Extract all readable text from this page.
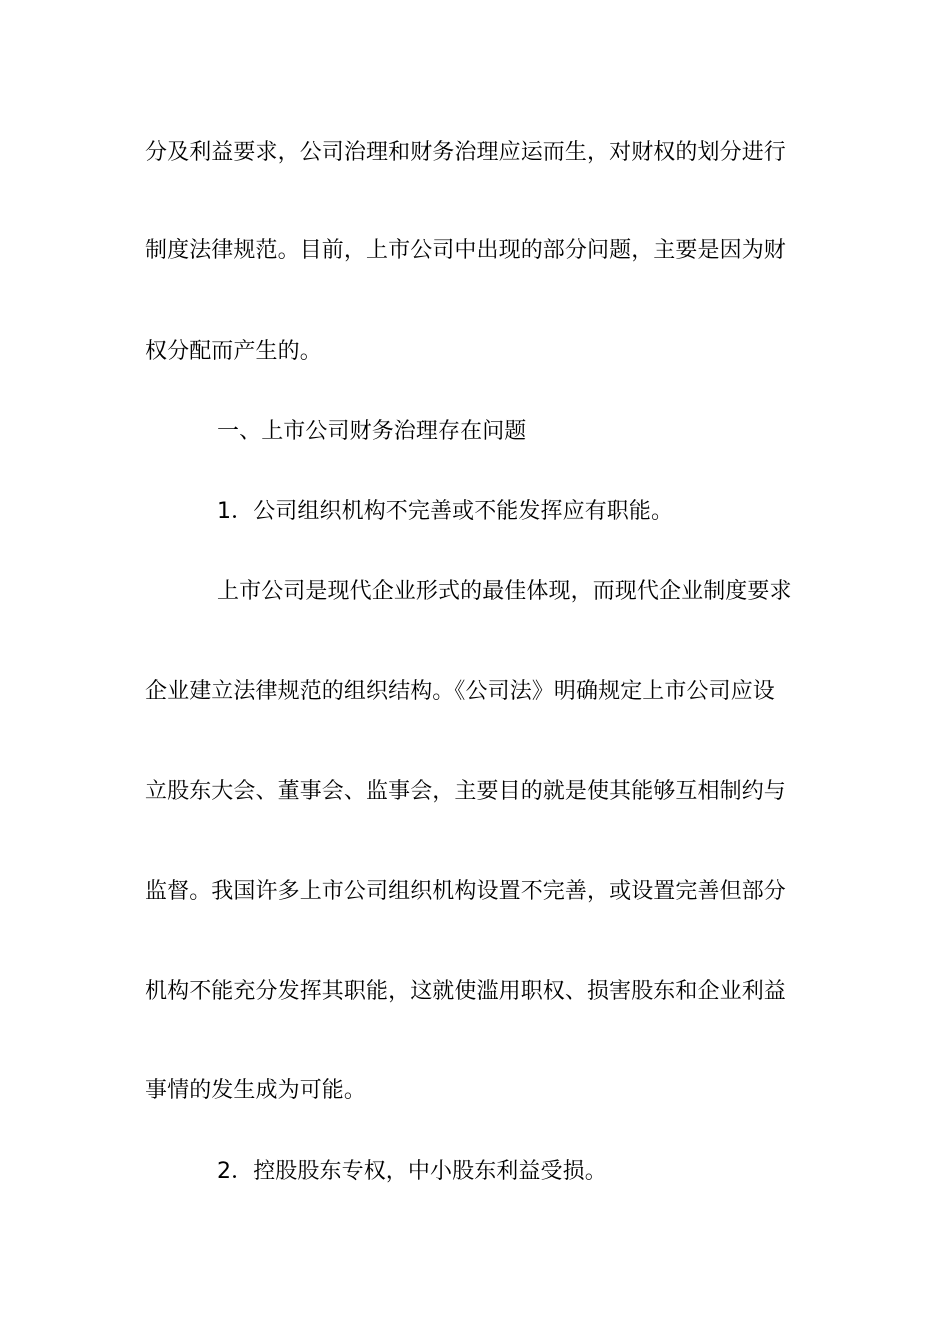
分及利益要求，公司治理和财务治理应运而生，对财权的划分进行
制度法律规范。目前，上市公司中出现的部分问题，主要是因为财
权分配而产生的。
一、上市公司财务治理存在问题
1．公司组织机构不完善或不能发挥应有职能。
上市公司是现代企业形式的最佳体现，而现代企业制度要求
企业建立法律规范的组织结构。《公司法》明确规定上市公司应设
立股东大会、董事会、监事会，主要目的就是使其能够互相制约与
监督。我国许多上市公司组织机构设置不完善，或设置完善但部分
机构不能充分发挥其职能，这就使滥用职权、损害股东和企业利益
事情的发生成为可能。
2．控股股东专权，中小股东利益受损。
